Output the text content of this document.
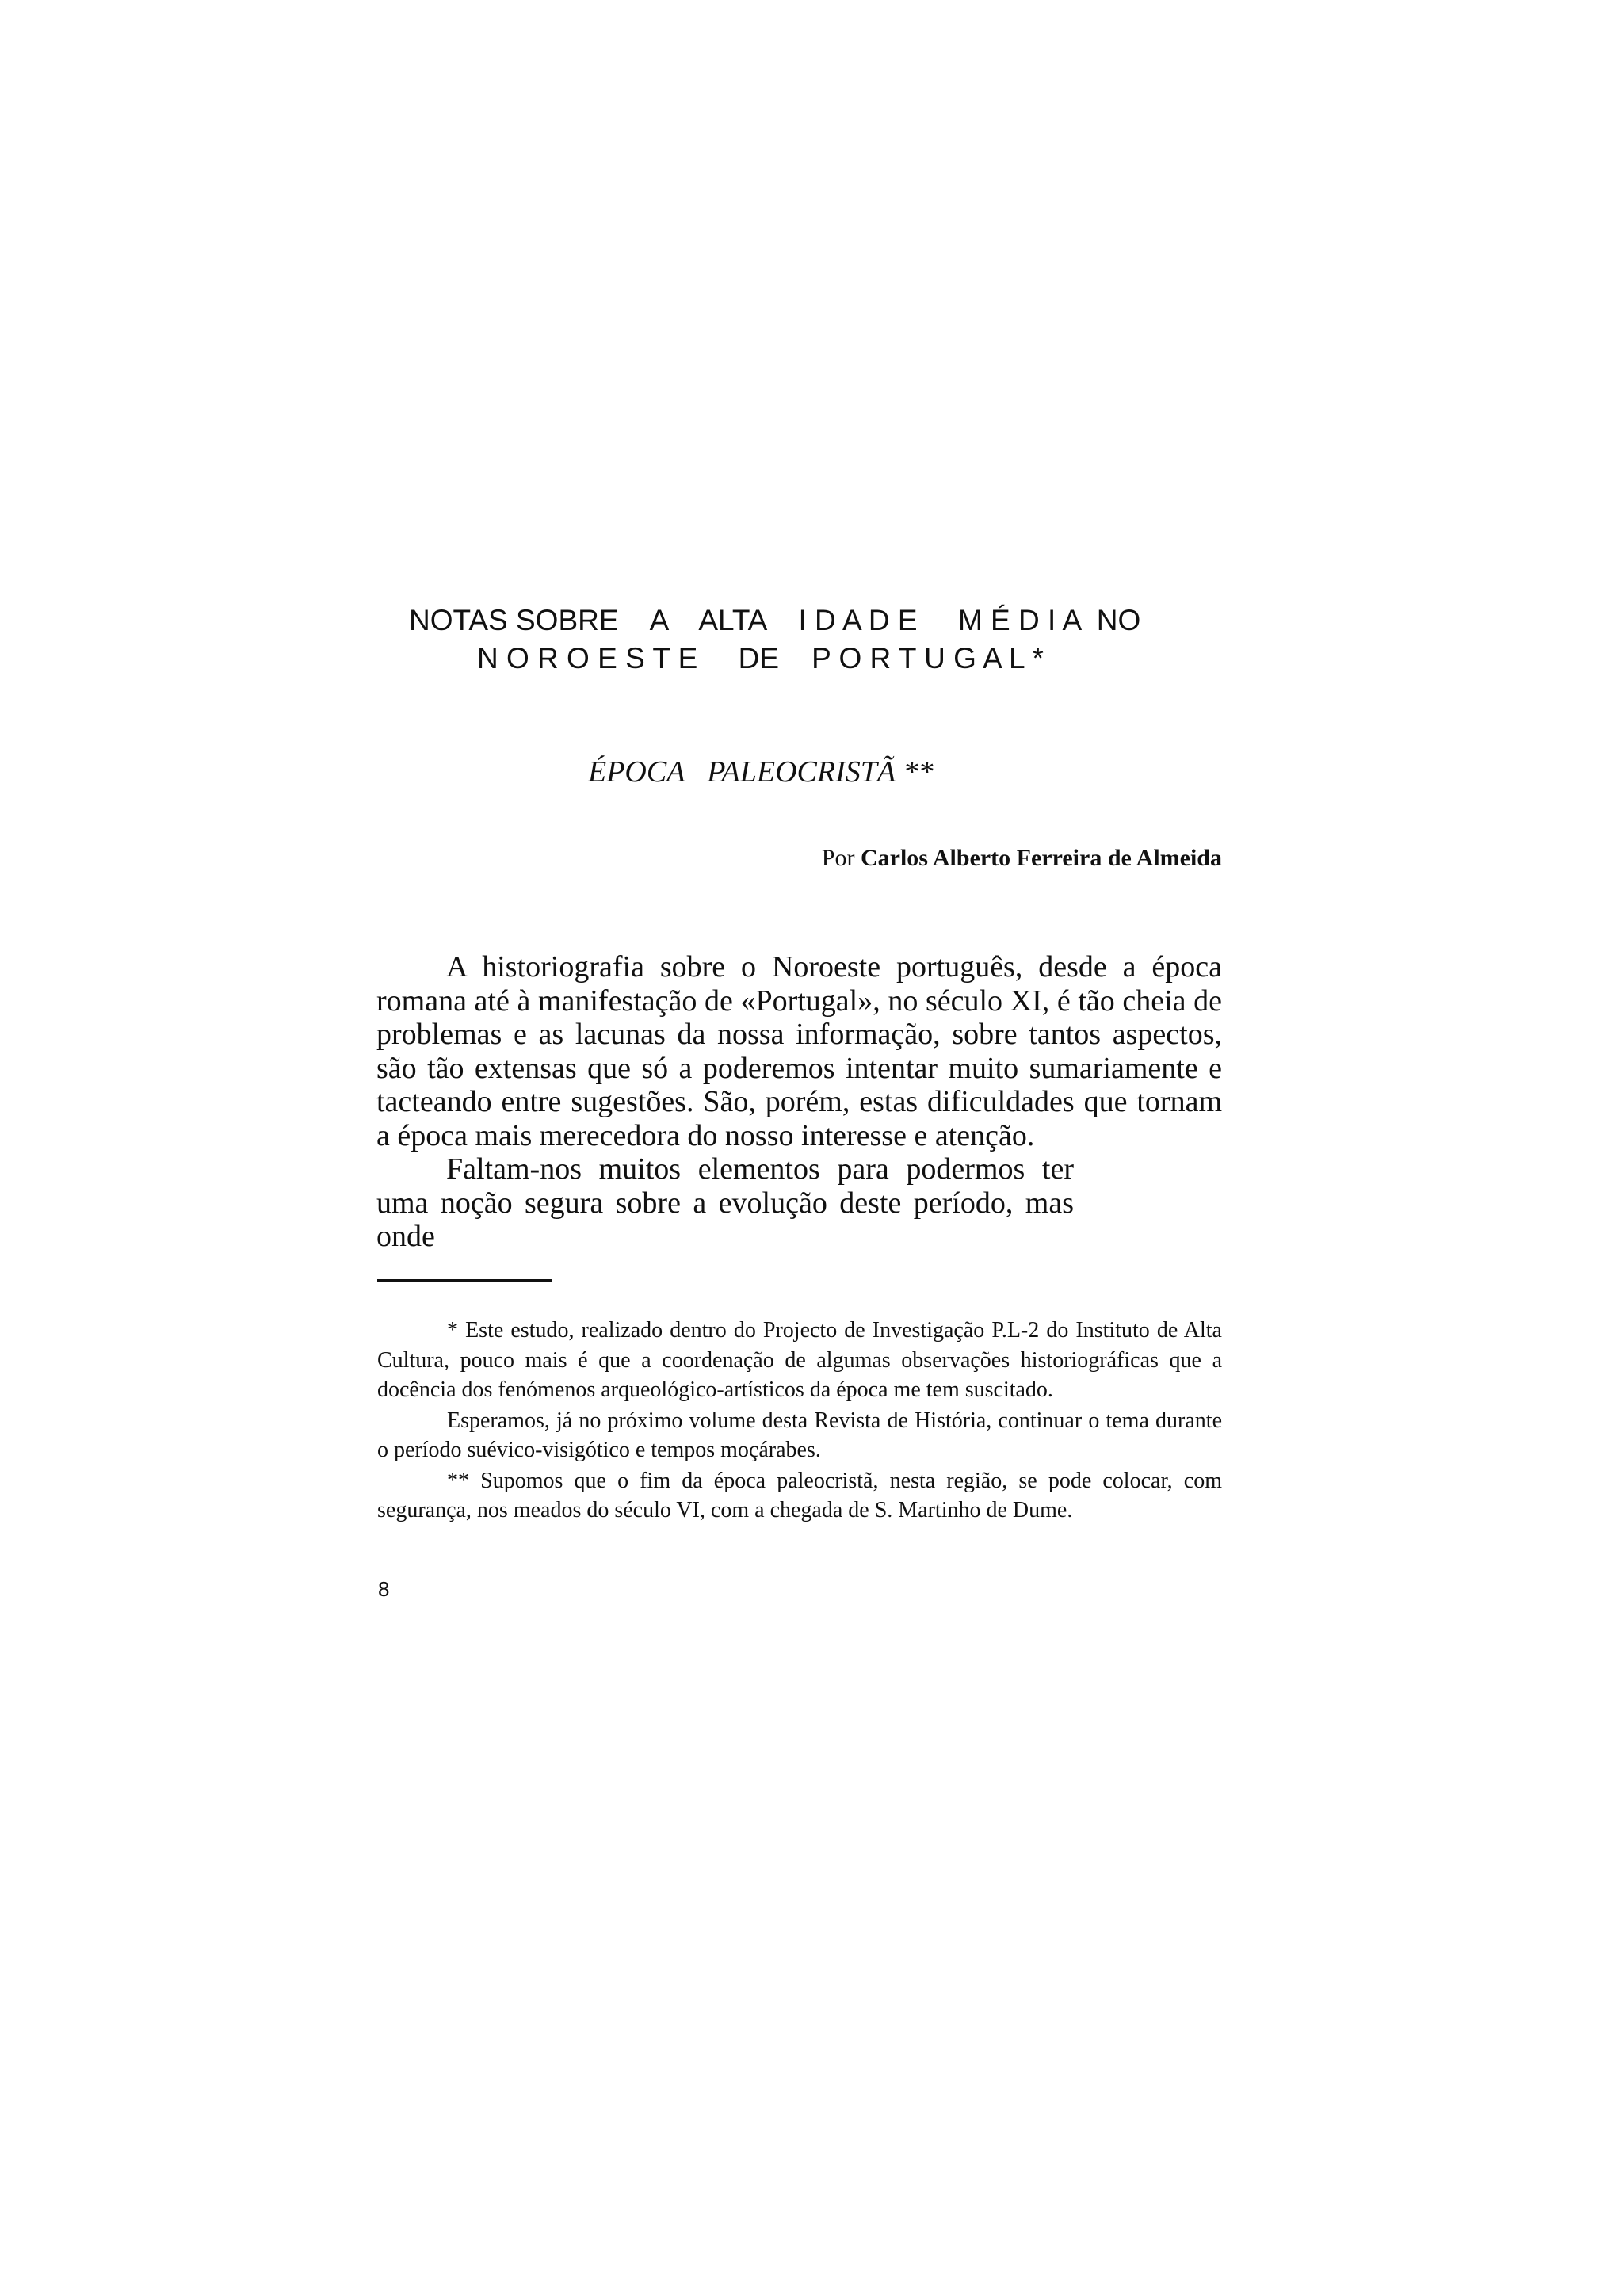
NOTAS SOBRE    A    ALTA    I D A D E     M É D I A  NO
N O R O E S T E     DE    P O R T U G A L *
ÉPOCA   PALEOCRISTÃ **
Por Carlos Alberto Ferreira de Almeida

A historiografia sobre o Noroeste português, desde a época romana até à manifestação de «Portugal», no século XI, é tão cheia de problemas e as lacunas da nossa informação, sobre tantos aspectos, são tão extensas que só a poderemos intentar muito sumariamente e tacteando entre sugestões. São, porém, estas dificuldades que tornam a época mais merecedora do nosso interesse e atenção.

Faltam-nos muitos elementos para podermos ter uma noção segura sobre a evolução deste período, mas onde

* Este estudo, realizado dentro do Projecto de Investigação P.L-2 do Instituto de Alta Cultura, pouco mais é que a coordenação de algumas observações historiográficas que a docência dos fenómenos arqueológico-artísticos da época me tem suscitado.

Esperamos, já no próximo volume desta Revista de História, continuar o tema durante o período suévico-visigótico e tempos moçárabes.

** Supomos que o fim da época paleocristã, nesta região, se pode colocar, com segurança, nos meados do século VI, com a chegada de S. Martinho de Dume.

8
